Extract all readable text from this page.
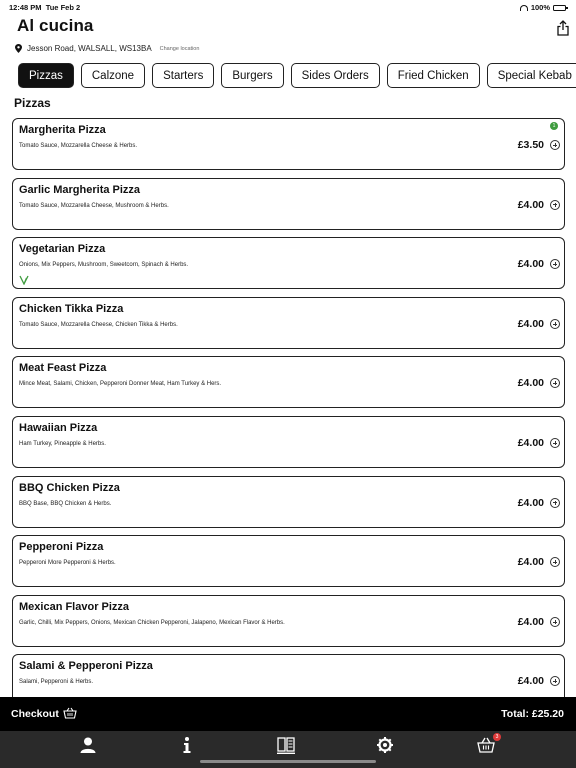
12:48 PM Tue Feb 2	100%
Al cucina
Jesson Road, WALSALL, WS13BA Change location
Pizzas	Calzone	Starters	Burgers	Sides Orders	Fried Chicken	Special Kebab
Pizzas
Margherita Pizza
Tomato Sauce, Mozzarella Cheese & Herbs.	£3.50
1
Garlic Margherita Pizza
Tomato Sauce, Mozzarella Cheese, Mushroom & Herbs.	£4.00
Vegetarian Pizza
Onions, Mix Peppers, Mushroom, Sweetcorn, Spinach & Herbs.	£4.00
Chicken Tikka Pizza
Tomato Sauce, Mozzarella Cheese, Chicken Tikka & Herbs.	£4.00
Meat Feast Pizza
Mince Meat, Salami, Chicken, Pepperoni Donner Meat, Ham Turkey & Hers.	£4.00
Hawaiian Pizza
Ham Turkey, Pineapple & Herbs.	£4.00
BBQ Chicken Pizza
BBQ Base, BBQ Chicken & Herbs.	£4.00
Pepperoni Pizza
Pepperoni More Pepperoni & Herbs.	£4.00
Mexican Flavor Pizza
Garlic, Chilli, Mix Peppers, Onions, Mexican Chicken Pepperoni, Jalapeno, Mexican Flavor & Herbs.	£4.00
Salami & Pepperoni Pizza
Salami, Pepperoni & Herbs.	£4.00
Checkout	Total: £25.20
3
